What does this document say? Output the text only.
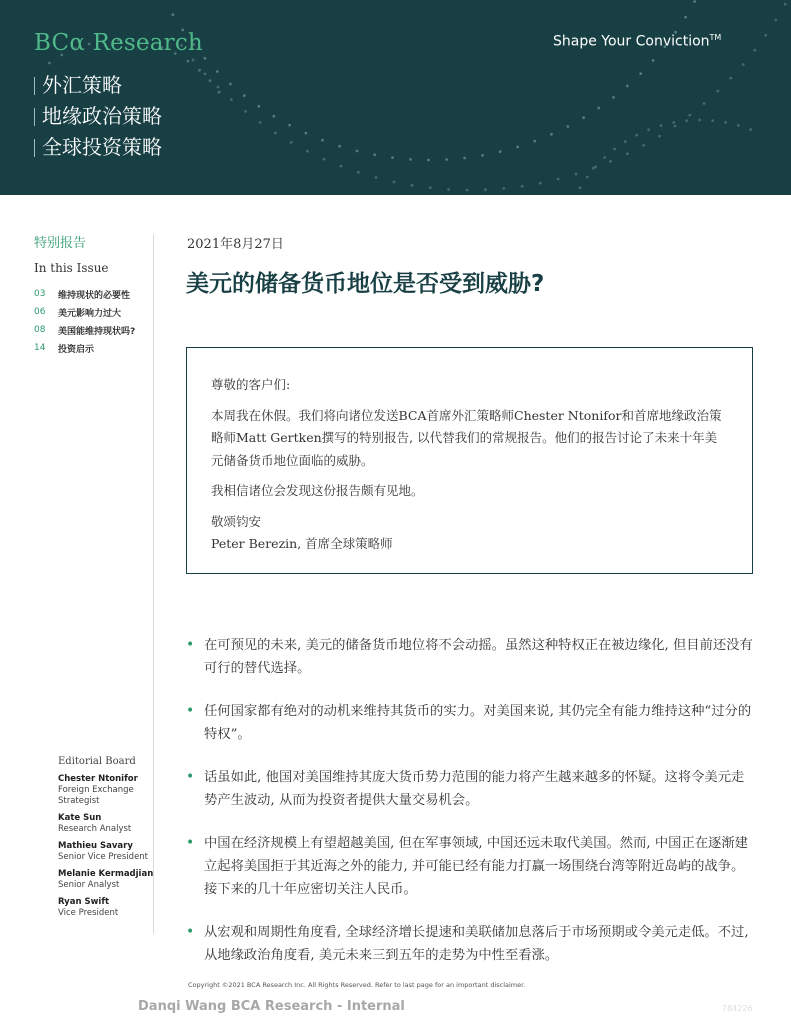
BCα Research	Shape Your Conviction™
外汇策略
地缘政治策略
全球投资策略
特别报告
In this Issue
03	维持现状的必要性
06	美元影响力过大
08	美国能维持现状吗?
14	投资启示
Editorial Board
Chester Ntonifor
Foreign Exchange Strategist
Kate Sun
Research Analyst
Mathieu Savary
Senior Vice President
Melanie Kermadjian
Senior Analyst
Ryan Swift
Vice President
2021年8月27日
美元的储备货币地位是否受到威胁?

尊敬的客户们:

本周我在休假。我们将向诸位发送BCA首席外汇策略师Chester Ntonifor和首席地缘政治策略师Matt Gertken撰写的特别报告, 以代替我们的常规报告。他们的报告讨论了未来十年美元储备货币地位面临的威胁。

我相信诸位会发现这份报告颇有见地。

敬颂钧安

Peter Berezin, 首席全球策略师

• 在可预见的未来, 美元的储备货币地位将不会动摇。虽然这种特权正在被边缘化, 但目前还没有可行的替代选择。
• 任何国家都有绝对的动机来维持其货币的实力。对美国来说, 其仍完全有能力维持这种“过分的特权”。
• 话虽如此, 他国对美国维持其庞大货币势力范围的能力将产生越来越多的怀疑。这将令美元走势产生波动, 从而为投资者提供大量交易机会。
• 中国在经济规模上有望超越美国, 但在军事领域, 中国还远未取代美国。然而, 中国正在逐渐建立起将美国拒于其近海之外的能力, 并可能已经有能力打赢一场围绕台湾等附近岛屿的战争。接下来的几十年应密切关注人民币。
• 从宏观和周期性角度看, 全球经济增长提速和美联储加息落后于市场预期或令美元走低。不过, 从地缘政治角度看, 美元未来三到五年的走势为中性至看涨。
Copyright ©2021 BCA Research Inc. All Rights Reserved. Refer to last page for an important disclaimer.
Danqi Wang BCA Research - Internal	784226
